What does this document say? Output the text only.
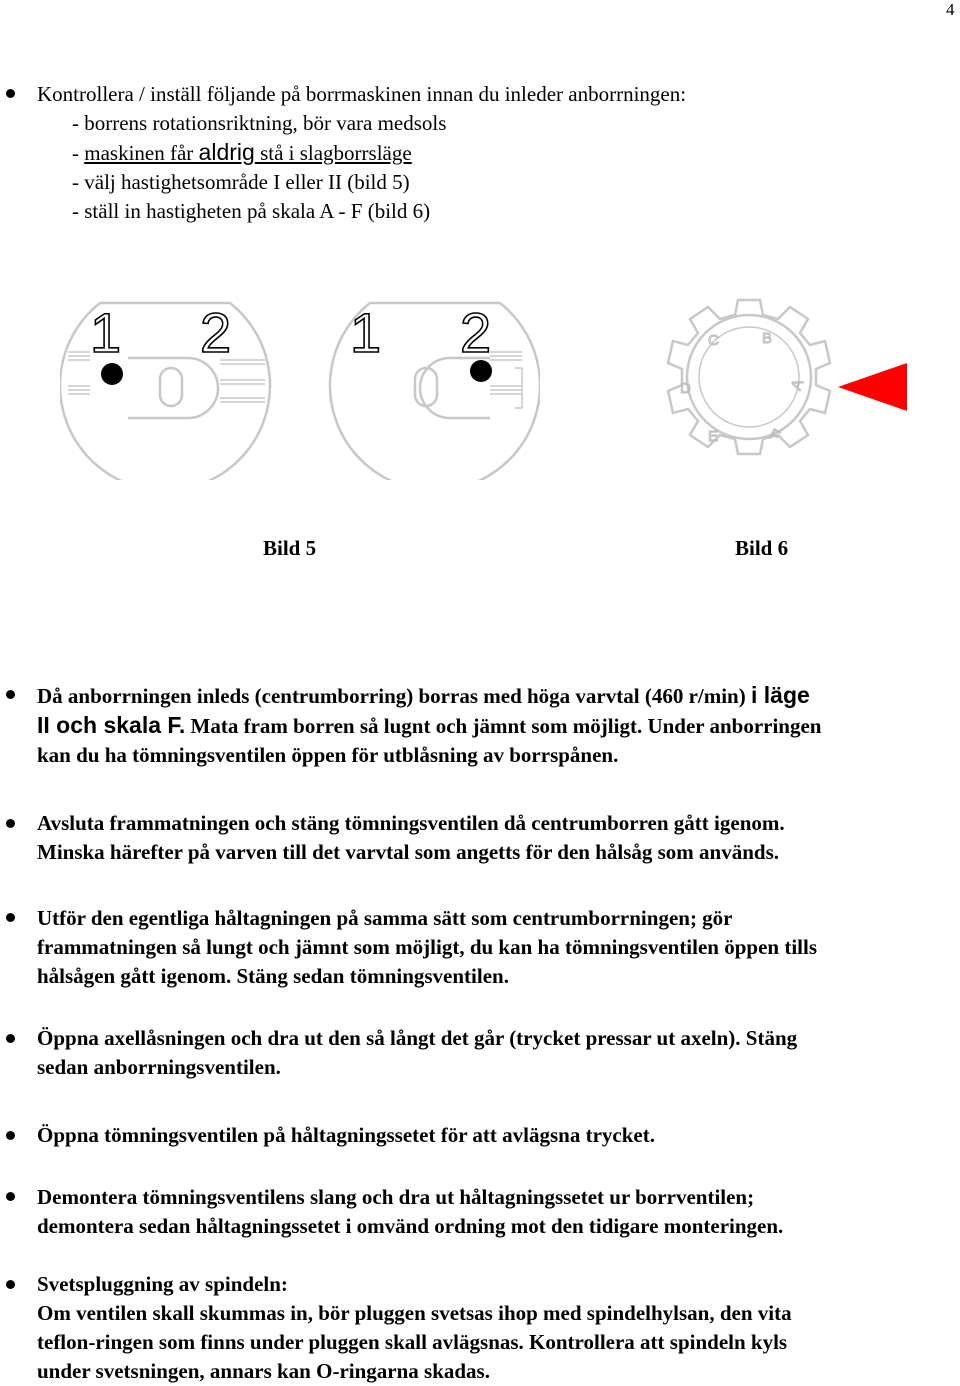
4
Kontrollera / inställ följande på borrmaskinen innan du inleder anborrningen:
- borrens rotationsriktning, bör vara medsols
- maskinen får aldrig stå i slagborrsläge
- välj hastighetsområde I eller II (bild 5)
- ställ in hastigheten på skala A - F (bild 6)
1 2 1 2
A
B
C
D
E	F
Bild 5	Bild 6
Då anborrningen inleds (centrumborring) borras med höga varvtal (460 r/min) i läge
II och skala F. Mata fram borren så lugnt och jämnt som möjligt. Under anborringen
kan du ha tömningsventilen öppen för utblåsning av borrspånen.
Avsluta frammatningen och stäng tömningsventilen då centrumborren gått igenom.
Minska härefter på varven till det varvtal som angetts för den hålsåg som används.
Utför den egentliga håltagningen på samma sätt som centrumborrningen; gör
frammatningen så lungt och jämnt som möjligt, du kan ha tömningsventilen öppen tills
hålsågen gått igenom. Stäng sedan tömningsventilen.
Öppna axellåsningen och dra ut den så långt det går (trycket pressar ut axeln). Stäng
sedan anborrningsventilen.
Öppna tömningsventilen på håltagningssetet för att avlägsna trycket.
Demontera tömningsventilens slang och dra ut håltagningssetet ur borrventilen;
demontera sedan håltagningssetet i omvänd ordning mot den tidigare monteringen.
Svetspluggning av spindeln:
Om ventilen skall skummas in, bör pluggen svetsas ihop med spindelhylsan, den vita
teflon-ringen som finns under pluggen skall avlägsnas. Kontrollera att spindeln kyls
under svetsningen, annars kan O-ringarna skadas.
